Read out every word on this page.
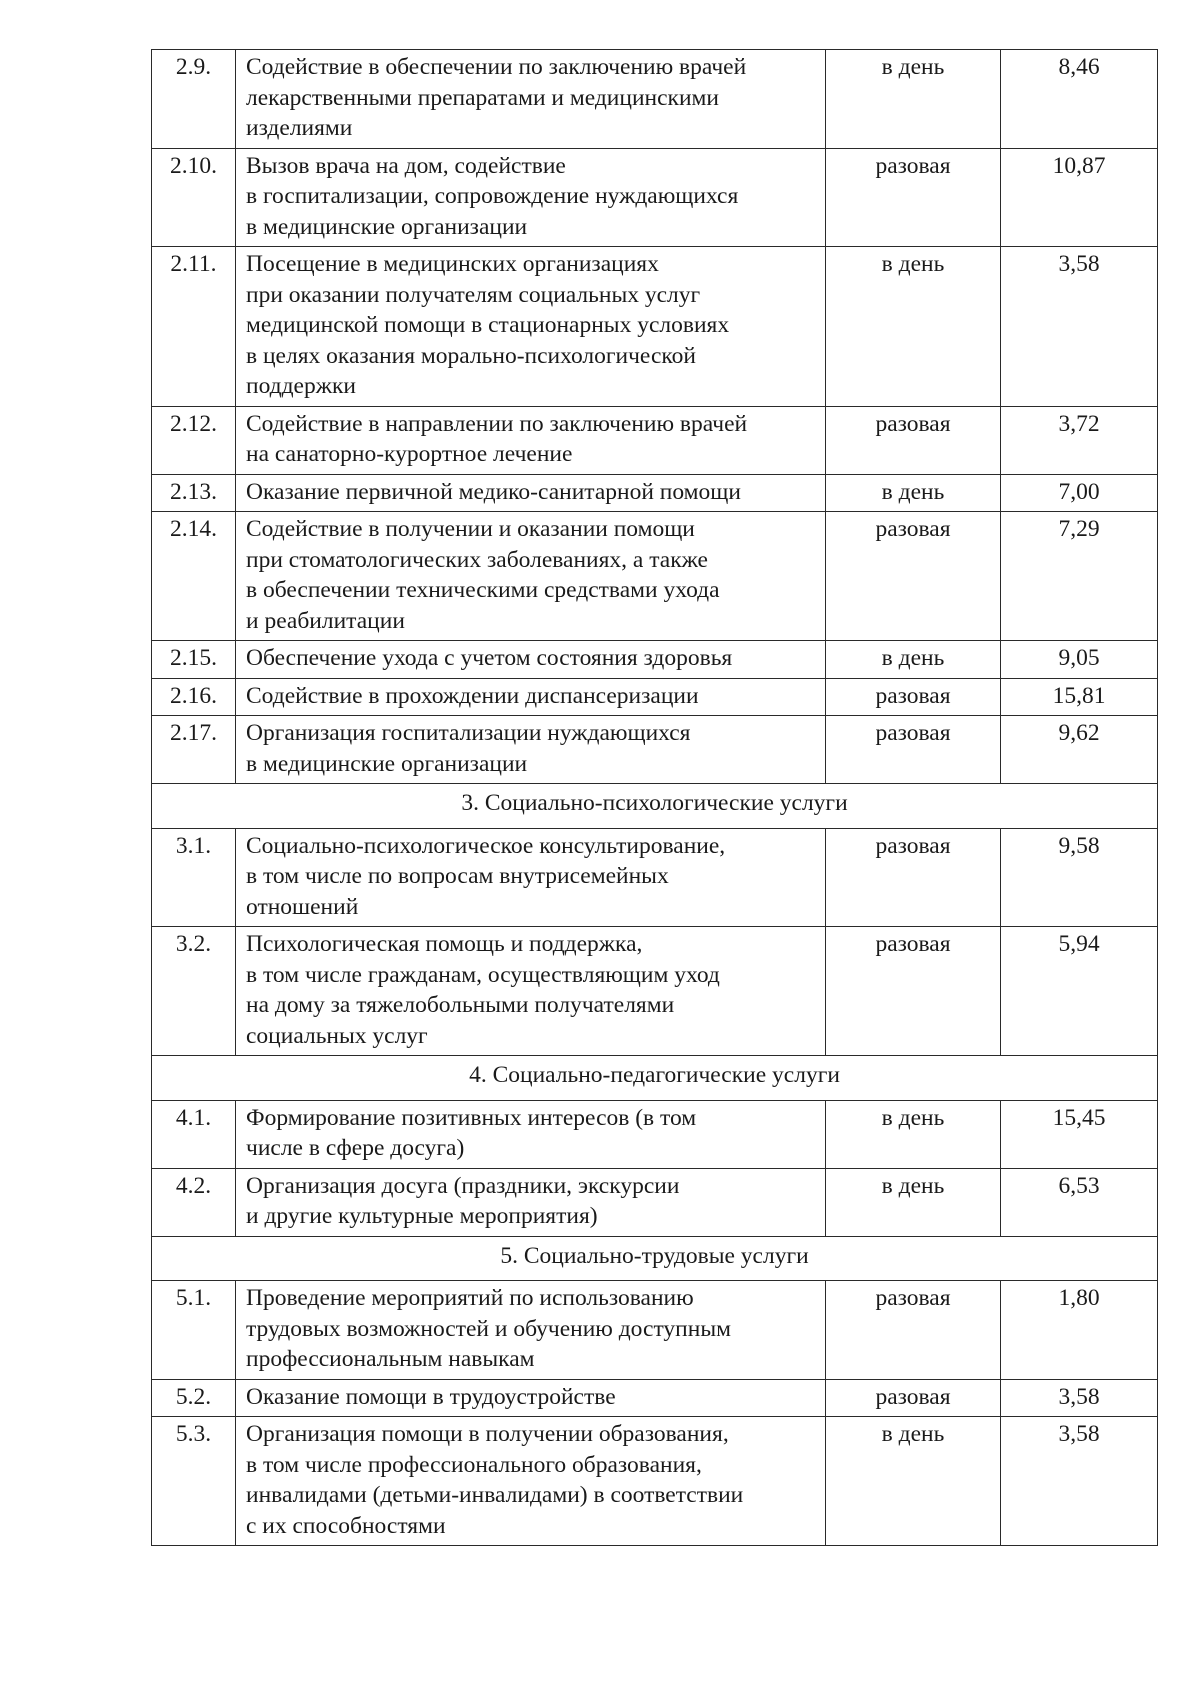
2.9.	Содействие в обеспечении по заключению врачей
лекарственными препаратами и медицинскими
изделиями	в день	8,46
2.10.	Вызов врача на дом, содействие
в госпитализации, сопровождение нуждающихся
в медицинские организации	разовая	10,87
2.11.	Посещение в медицинских организациях
при оказании получателям социальных услуг
медицинской помощи в стационарных условиях
в целях оказания морально-психологической
поддержки	в день	3,58
2.12.	Содействие в направлении по заключению врачей
на санаторно-курортное лечение	разовая	3,72
2.13.	Оказание первичной медико-санитарной помощи	в день	7,00
2.14.	Содействие в получении и оказании помощи
при стоматологических заболеваниях, а также
в обеспечении техническими средствами ухода
и реабилитации	разовая	7,29
2.15.	Обеспечение ухода с учетом состояния здоровья	в день	9,05
2.16.	Содействие в прохождении диспансеризации	разовая	15,81
2.17.	Организация госпитализации нуждающихся
в медицинские организации	разовая	9,62
3. Социально-психологические услуги			
3.1.	Социально-психологическое консультирование,
в том числе по вопросам внутрисемейных
отношений	разовая	9,58
3.2.	Психологическая помощь и поддержка,
в том числе гражданам, осуществляющим уход
на дому за тяжелобольными получателями
социальных услуг	разовая	5,94
4. Социально-педагогические услуги			
4.1.	Формирование позитивных интересов (в том
числе в сфере досуга)	в день	15,45
4.2.	Организация досуга (праздники, экскурсии
и другие культурные мероприятия)	в день	6,53
5. Социально-трудовые услуги			
5.1.	Проведение мероприятий по использованию
трудовых возможностей и обучению доступным
профессиональным навыкам	разовая	1,80
5.2.	Оказание помощи в трудоустройстве	разовая	3,58
5.3.	Организация помощи в получении образования,
в том числе профессионального образования,
инвалидами (детьми-инвалидами) в соответствии
с их способностями	в день	3,58
